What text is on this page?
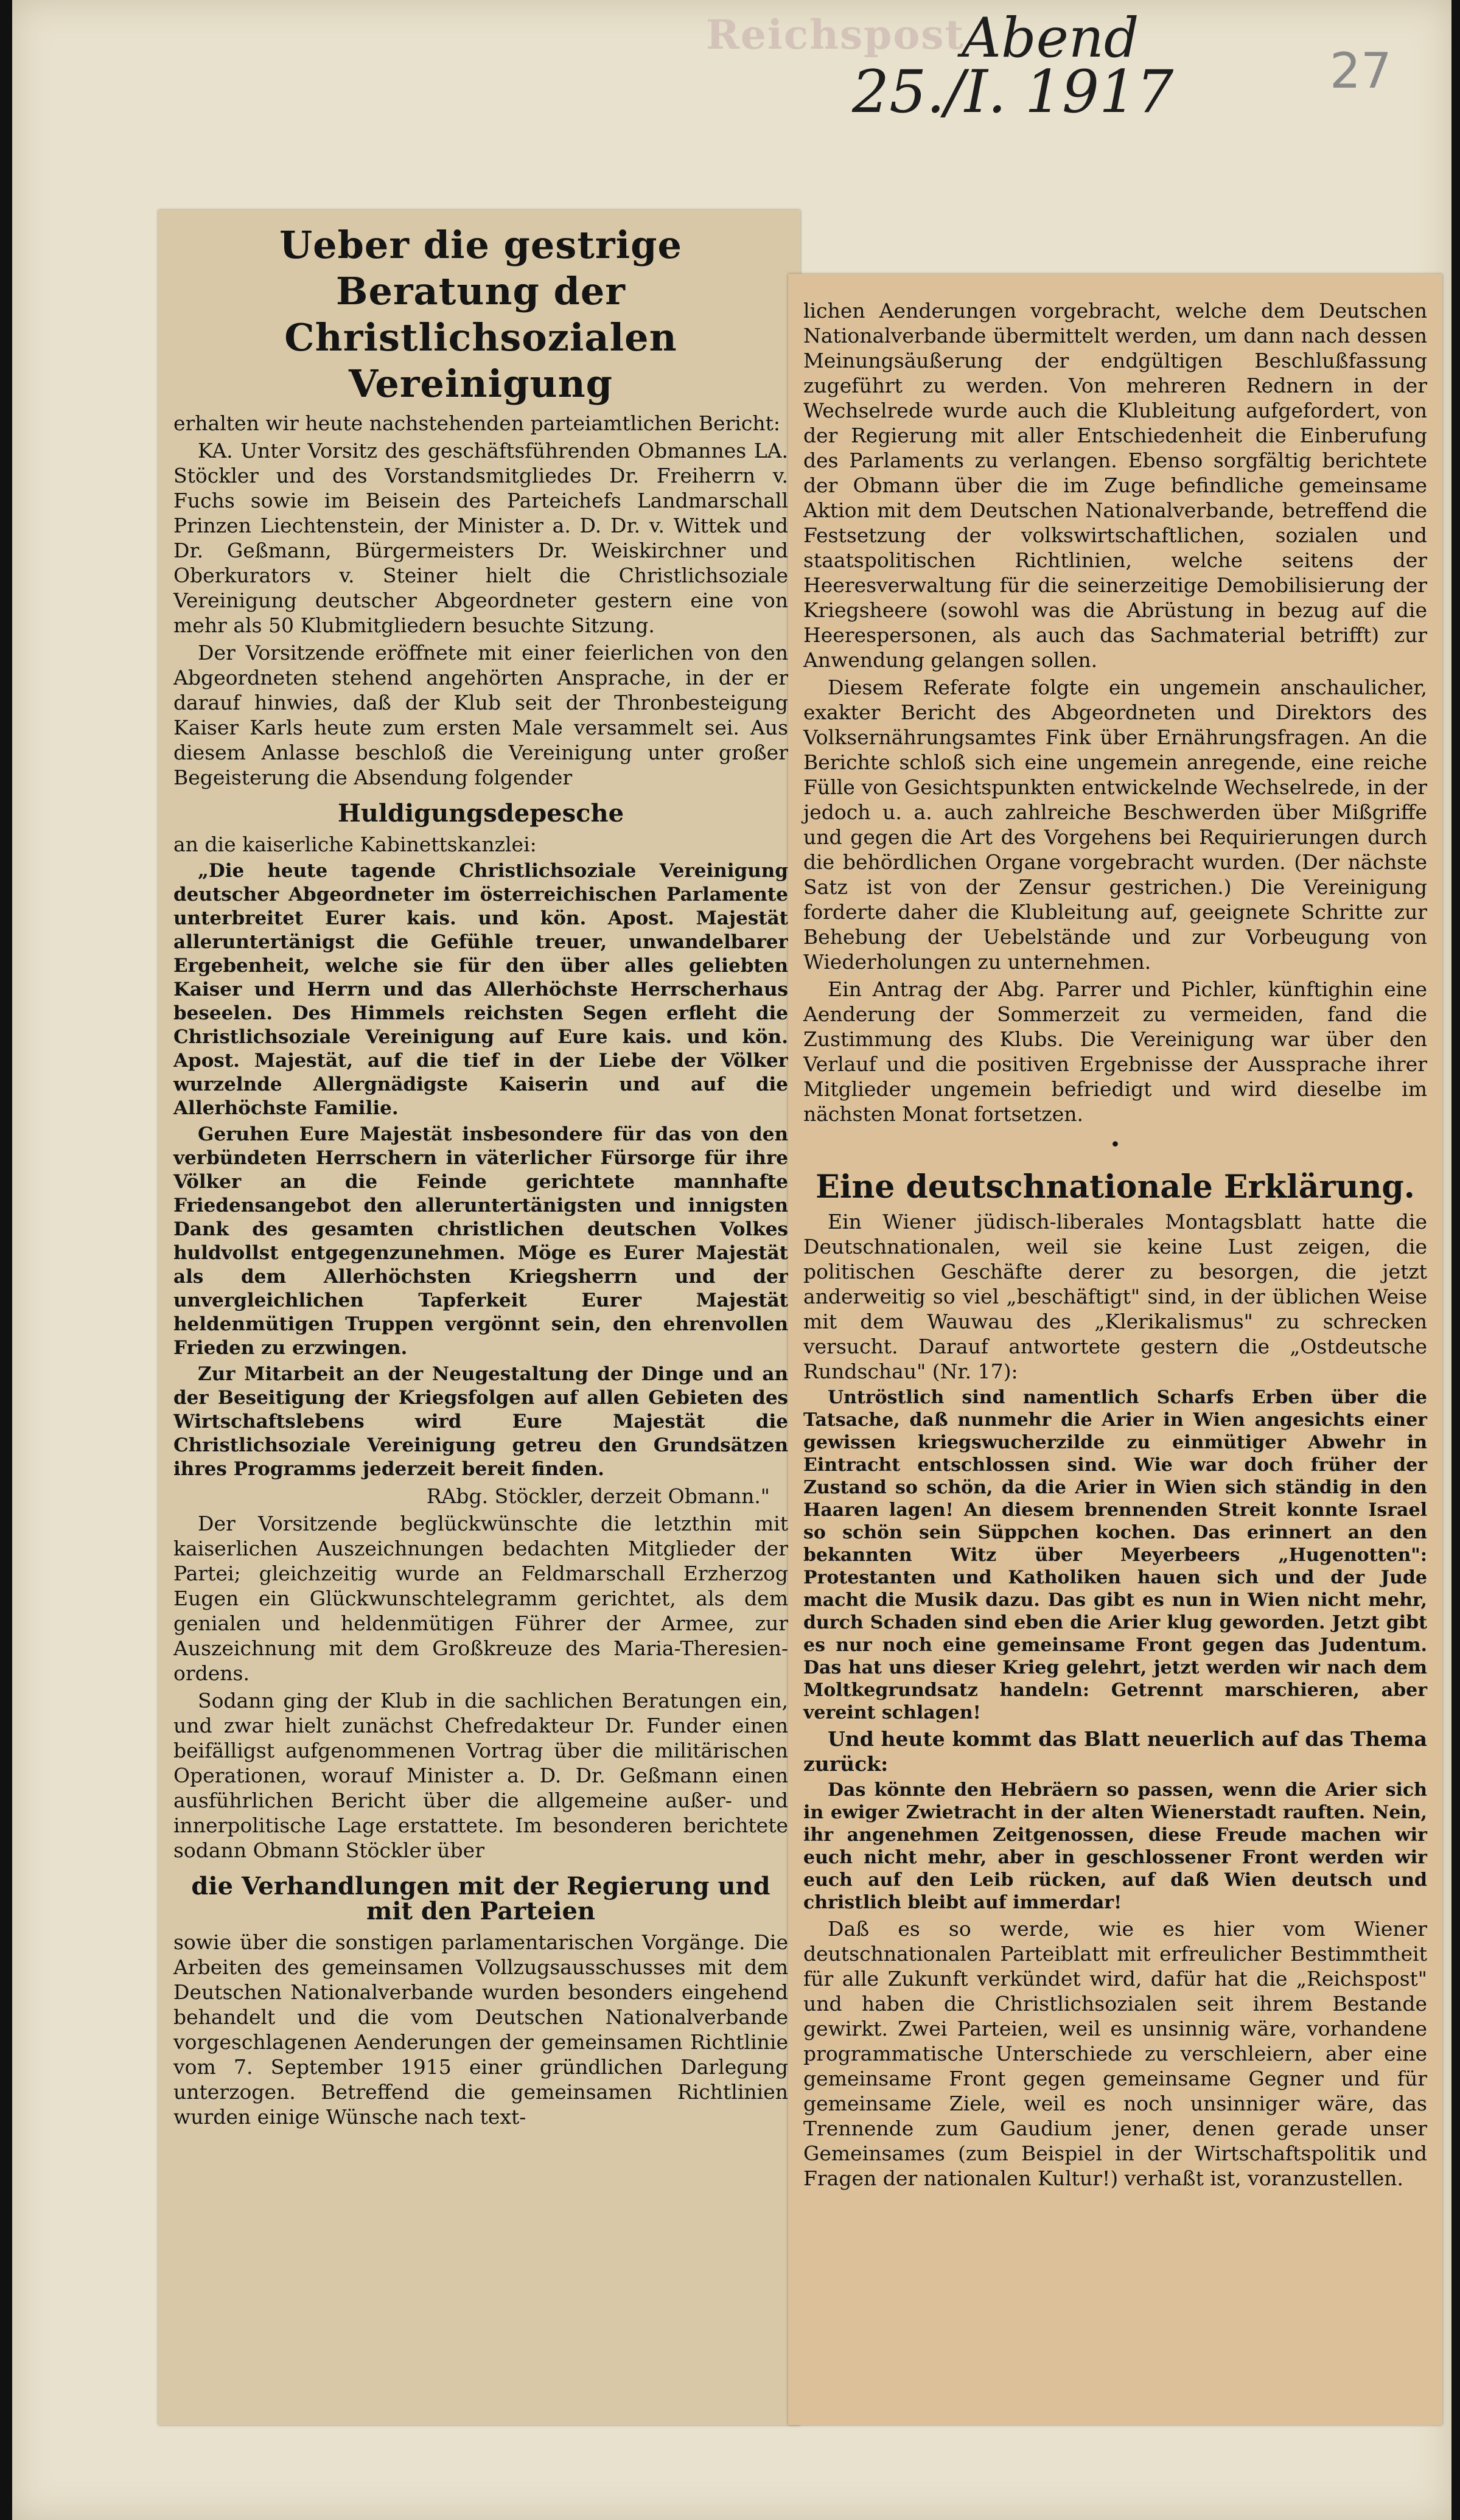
Reichspost
Abend
25./I. 1917	27
Ueber die gestrige Beratung der
Christlichsozialen Vereinigung

erhalten wir heute nachstehenden parteiamtlichen Bericht:

KA. Unter Vorsitz des geschäftsführenden Obmannes LA. Stöckler und des Vorstandsmitgliedes Dr. Freiherrn v. Fuchs sowie im Beisein des Parteichefs Landmarschall Prinzen Liechtenstein, der Minister a. D. Dr. v. Wittek und Dr. Geßmann, Bürgermeisters Dr. Weiskirchner und Oberkurators v. Steiner hielt die Christlichsoziale Vereinigung deutscher Abgeordneter gestern eine von mehr als 50 Klubmitgliedern besuchte Sitzung.

Der Vorsitzende eröffnete mit einer feierlichen von den Abgeordneten stehend angehörten Ansprache, in der er darauf hinwies, daß der Klub seit der Thronbesteigung Kaiser Karls heute zum ersten Male versammelt sei. Aus diesem Anlasse beschloß die Vereinigung unter großer Begeisterung die Absendung folgender

Huldigungsdepesche

an die kaiserliche Kabinettskanzlei:

„Die heute tagende Christlichsoziale Vereinigung deutscher Abgeordneter im österreichischen Parlamente unterbreitet Eurer kais. und kön. Apost. Majestät alleruntertänigst die Gefühle treuer, unwandelbarer Ergebenheit, welche sie für den über alles geliebten Kaiser und Herrn und das Allerhöchste Herrscherhaus beseelen. Des Himmels reichsten Segen erfleht die Christlichsoziale Vereinigung auf Eure kais. und kön. Apost. Majestät, auf die tief in der Liebe der Völker wurzelnde Allergnädigste Kaiserin und auf die Allerhöchste Familie.

Geruhen Eure Majestät insbesondere für das von den verbündeten Herrschern in väterlicher Fürsorge für ihre Völker an die Feinde gerichtete mannhafte Friedensangebot den alleruntertänigsten und innigsten Dank des gesamten christlichen deutschen Volkes huldvollst entgegenzunehmen. Möge es Eurer Majestät als dem Allerhöchsten Kriegsherrn und der unvergleichlichen Tapferkeit Eurer Majestät heldenmütigen Truppen vergönnt sein, den ehrenvollen Frieden zu erzwingen.

Zur Mitarbeit an der Neugestaltung der Dinge und an der Beseitigung der Kriegsfolgen auf allen Gebieten des Wirtschaftslebens wird Eure Majestät die Christlichsoziale Vereinigung getreu den Grundsätzen ihres Programms jederzeit bereit finden.

RAbg. Stöckler, derzeit Obmann."

Der Vorsitzende beglückwünschte die letzthin mit kaiserlichen Auszeichnungen bedachten Mitglieder der Partei; gleichzeitig wurde an Feldmarschall Erzherzog Eugen ein Glückwunschtelegramm gerichtet, als dem genialen und heldenmütigen Führer der Armee, zur Auszeichnung mit dem Großkreuze des Maria-Theresien-ordens.

Sodann ging der Klub in die sachlichen Beratungen ein, und zwar hielt zunächst Chefredakteur Dr. Funder einen beifälligst aufgenommenen Vortrag über die militärischen Operationen, worauf Minister a. D. Dr. Geßmann einen ausführlichen Bericht über die allgemeine außer- und innerpolitische Lage erstattete. Im besonderen berichtete sodann Obmann Stöckler über

die Verhandlungen mit der Regierung und mit den Parteien

sowie über die sonstigen parlamentarischen Vorgänge. Die Arbeiten des gemeinsamen Vollzugsausschusses mit dem Deutschen Nationalverbande wurden besonders eingehend behandelt und die vom Deutschen Nationalverbande vorgeschlagenen Aenderungen der gemeinsamen Richtlinie vom 7. September 1915 einer gründlichen Darlegung unterzogen. Betreffend die gemeinsamen Richtlinien wurden einige Wünsche nach text-

lichen Aenderungen vorgebracht, welche dem Deutschen Nationalverbande übermittelt werden, um dann nach dessen Meinungsäußerung der endgültigen Beschlußfassung zugeführt zu werden. Von mehreren Rednern in der Wechselrede wurde auch die Klubleitung aufgefordert, von der Regierung mit aller Entschiedenheit die Einberufung des Parlaments zu verlangen. Ebenso sorgfältig berichtete der Obmann über die im Zuge befindliche gemeinsame Aktion mit dem Deutschen Nationalverbande, betreffend die Festsetzung der volkswirtschaftlichen, sozialen und staatspolitischen Richtlinien, welche seitens der Heeresverwaltung für die seinerzeitige Demobilisierung der Kriegsheere (sowohl was die Abrüstung in bezug auf die Heerespersonen, als auch das Sachmaterial betrifft) zur Anwendung gelangen sollen.

Diesem Referate folgte ein ungemein anschaulicher, exakter Bericht des Abgeordneten und Direktors des Volksernährungsamtes Fink über Ernährungsfragen. An die Berichte schloß sich eine ungemein anregende, eine reiche Fülle von Gesichtspunkten entwickelnde Wechselrede, in der jedoch u. a. auch zahlreiche Beschwerden über Mißgriffe und gegen die Art des Vorgehens bei Requirierungen durch die behördlichen Organe vorgebracht wurden. (Der nächste Satz ist von der Zensur gestrichen.) Die Vereinigung forderte daher die Klubleitung auf, geeignete Schritte zur Behebung der Uebelstände und zur Vorbeugung von Wiederholungen zu unternehmen.

Ein Antrag der Abg. Parrer und Pichler, künftighin eine Aenderung der Sommerzeit zu vermeiden, fand die Zustimmung des Klubs. Die Vereinigung war über den Verlauf und die positiven Ergebnisse der Aussprache ihrer Mitglieder ungemein befriedigt und wird dieselbe im nächsten Monat fortsetzen.

•
Eine deutschnationale Erklärung.

Ein Wiener jüdisch-liberales Montagsblatt hatte die Deutschnationalen, weil sie keine Lust zeigen, die politischen Geschäfte derer zu besorgen, die jetzt anderweitig so viel „beschäftigt" sind, in der üblichen Weise mit dem Wauwau des „Klerikalismus" zu schrecken versucht. Darauf antwortete gestern die „Ostdeutsche Rundschau" (Nr. 17):

Untröstlich sind namentlich Scharfs Erben über die Tatsache, daß nunmehr die Arier in Wien angesichts einer gewissen kriegswucherzilde zu einmütiger Abwehr in Eintracht entschlossen sind. Wie war doch früher der Zustand so schön, da die Arier in Wien sich ständig in den Haaren lagen! An diesem brennenden Streit konnte Israel so schön sein Süppchen kochen. Das erinnert an den bekannten Witz über Meyerbeers „Hugenotten": Protestanten und Katholiken hauen sich und der Jude macht die Musik dazu. Das gibt es nun in Wien nicht mehr, durch Schaden sind eben die Arier klug geworden. Jetzt gibt es nur noch eine gemeinsame Front gegen das Judentum. Das hat uns dieser Krieg gelehrt, jetzt werden wir nach dem Moltkegrundsatz handeln: Getrennt marschieren, aber vereint schlagen!

Und heute kommt das Blatt neuerlich auf das Thema zurück:

Das könnte den Hebräern so passen, wenn die Arier sich in ewiger Zwietracht in der alten Wienerstadt rauften. Nein, ihr angenehmen Zeitgenossen, diese Freude machen wir euch nicht mehr, aber in geschlossener Front werden wir euch auf den Leib rücken, auf daß Wien deutsch und christlich bleibt auf immerdar!

Daß es so werde, wie es hier vom Wiener deutschnationalen Parteiblatt mit erfreulicher Bestimmtheit für alle Zukunft verkündet wird, dafür hat die „Reichspost" und haben die Christlichsozialen seit ihrem Bestande gewirkt. Zwei Parteien, weil es unsinnig wäre, vorhandene programmatische Unterschiede zu verschleiern, aber eine gemeinsame Front gegen gemeinsame Gegner und für gemeinsame Ziele, weil es noch unsinniger wäre, das Trennende zum Gaudium jener, denen gerade unser Gemeinsames (zum Beispiel in der Wirtschaftspolitik und Fragen der nationalen Kultur!) verhaßt ist, voranzustellen.
